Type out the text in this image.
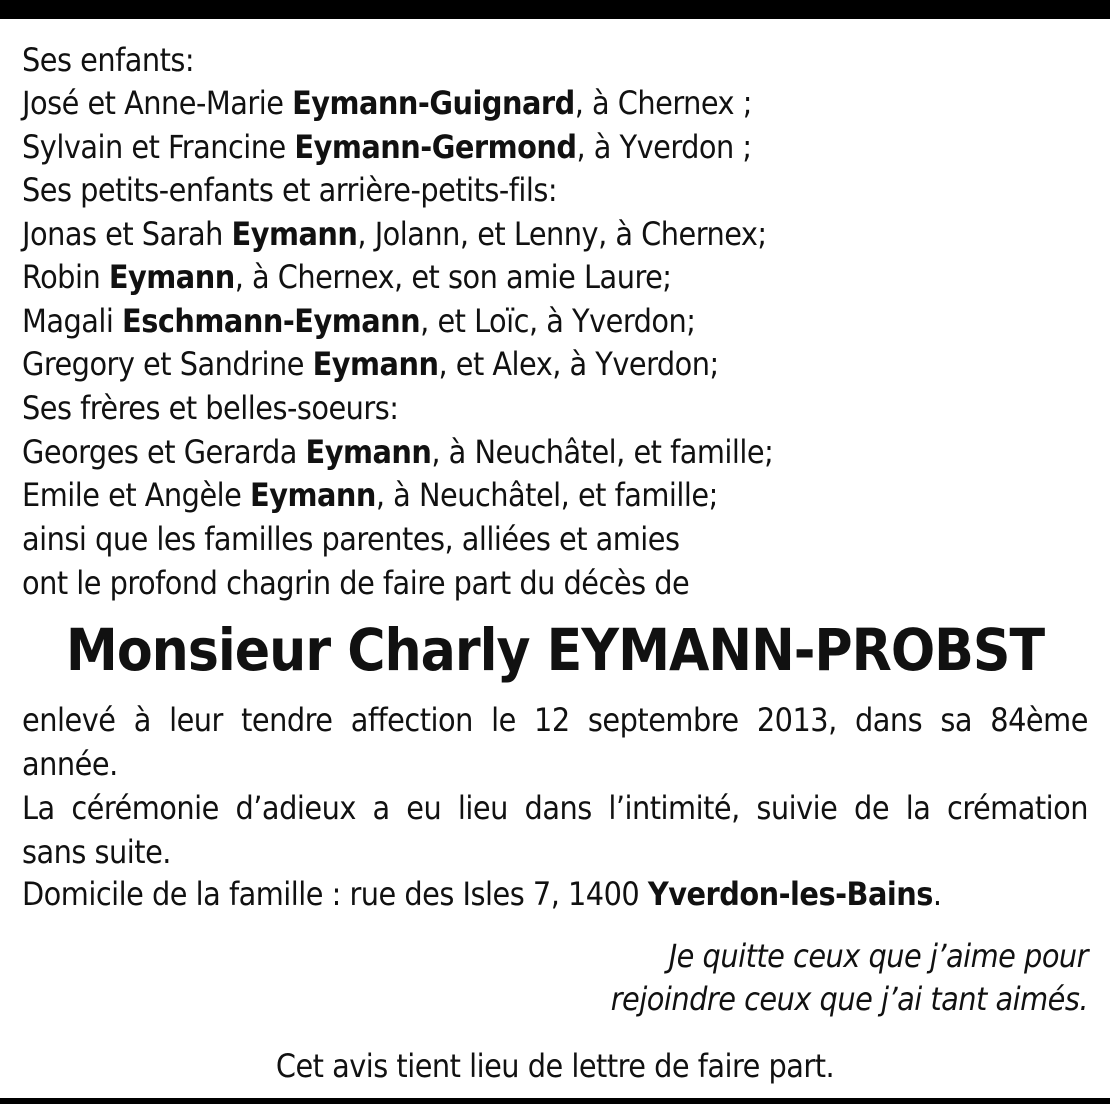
Ses enfants:
José et Anne-Marie Eymann-Guignard, à Chernex ;
Sylvain et Francine Eymann-Germond, à Yverdon ;
Ses petits-enfants et arrière-petits-fils:
Jonas et Sarah Eymann, Jolann, et Lenny, à Chernex;
Robin Eymann, à Chernex, et son amie Laure;
Magali Eschmann-Eymann, et Loïc, à Yverdon;
Gregory et Sandrine Eymann, et Alex, à Yverdon;
Ses frères et belles-soeurs:
Georges et Gerarda Eymann, à Neuchâtel, et famille;
Emile et Angèle Eymann, à Neuchâtel, et famille;
ainsi que les familles parentes, alliées et amies
ont le profond chagrin de faire part du décès de
Monsieur Charly EYMANN-PROBST
enlevé à leur tendre affection le 12 septembre 2013, dans sa 84ème
année.
La cérémonie d’adieux a eu lieu dans l’intimité, suivie de la crémation
sans suite.
Domicile de la famille : rue des Isles 7, 1400 Yverdon-les-Bains.
Je quitte ceux que j’aime pour
rejoindre ceux que j’ai tant aimés.
Cet avis tient lieu de lettre de faire part.
